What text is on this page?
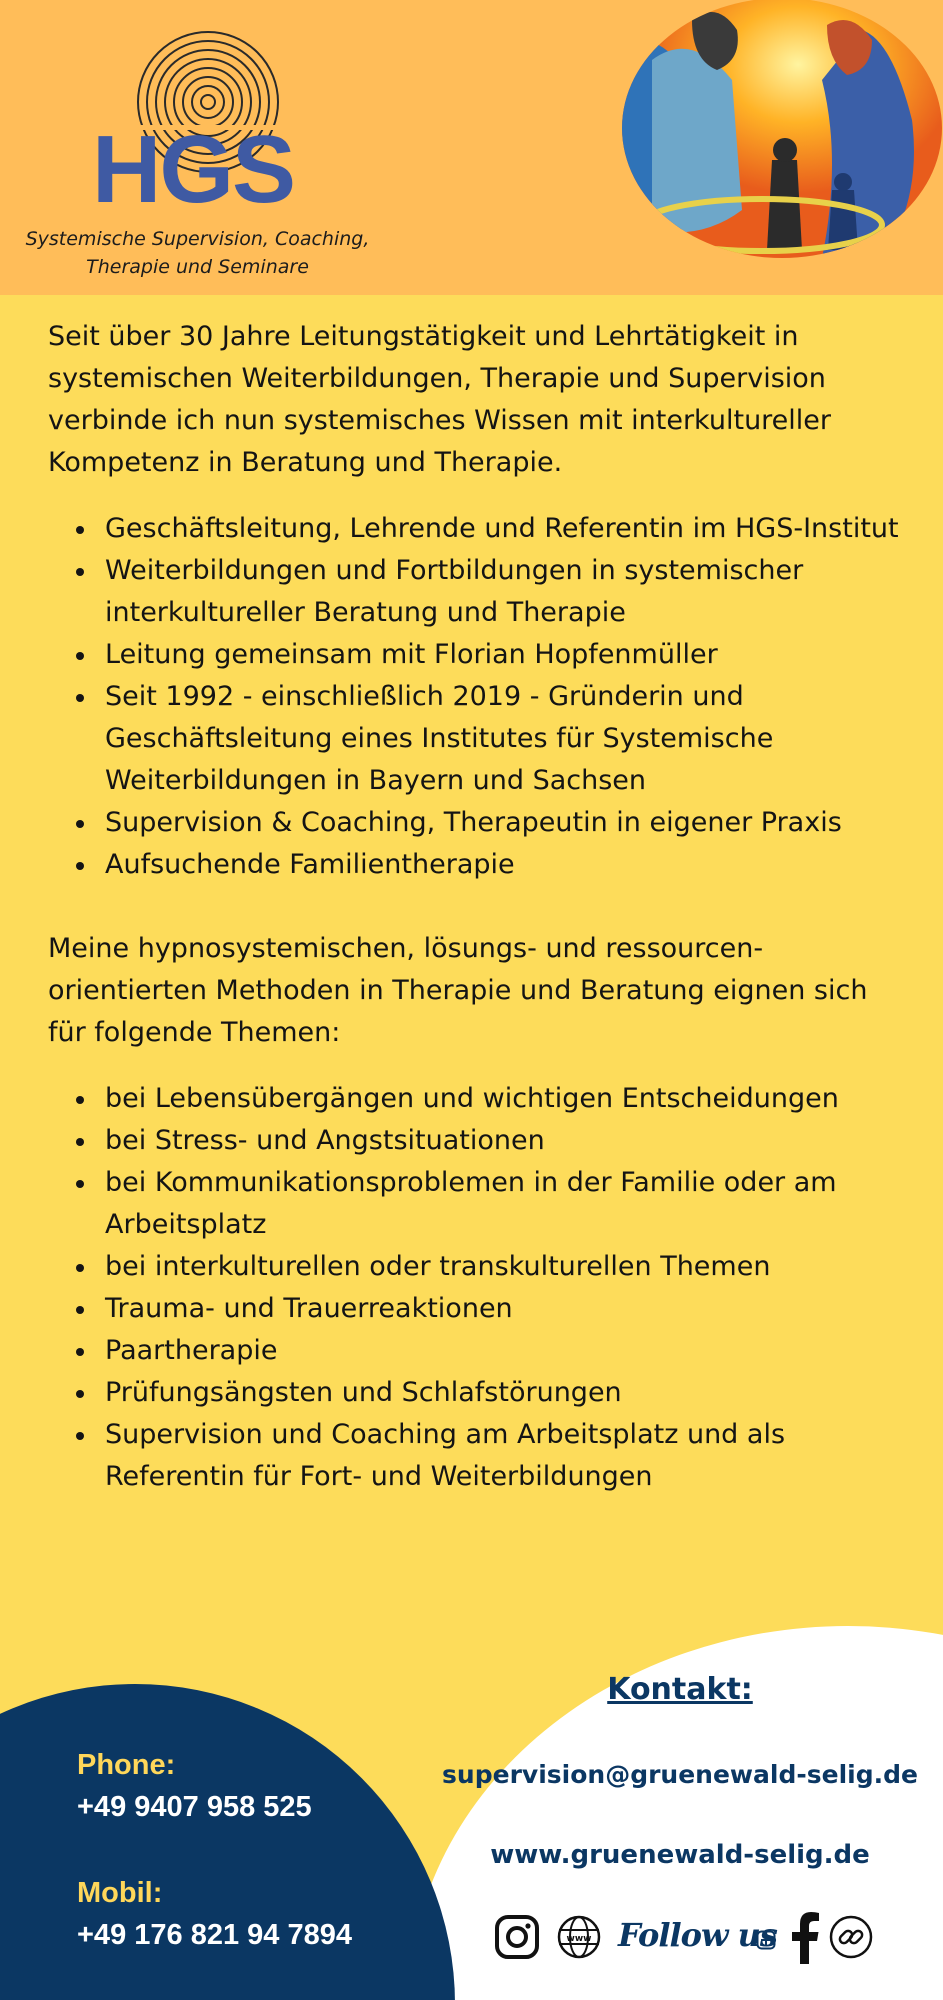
HGS
Systemische Supervision, Coaching,
Therapie und Seminare

Seit über 30 Jahre Leitungstätigkeit und Lehrtätigkeit in systemischen Weiterbildungen, Therapie und Supervision verbinde ich nun systemisches Wissen mit interkultureller Kompetenz in Beratung und Therapie.

Geschäftsleitung, Lehrende und Referentin im HGS-Institut
Weiterbildungen und Fortbildungen in systemischer interkultureller Beratung und Therapie
Leitung gemeinsam mit Florian Hopfenmüller
Seit 1992 - einschließlich 2019 - Gründerin und Geschäftsleitung eines Institutes für Systemische Weiterbildungen in Bayern und Sachsen
Supervision & Coaching, Therapeutin in eigener Praxis
Aufsuchende Familientherapie

Meine hypnosystemischen, lösungs- und ressourcen-orientierten Methoden in Therapie und Beratung eignen sich für folgende Themen:

bei Lebensübergängen und wichtigen Entscheidungen
bei Stress- und Angstsituationen
bei Kommunikationsproblemen in der Familie oder am Arbeitsplatz
bei interkulturellen oder transkulturellen Themen
Trauma- und Trauerreaktionen
Paartherapie
Prüfungsängsten und Schlafstörungen
Supervision und Coaching am Arbeitsplatz und als Referentin für Fort- und Weiterbildungen
Phone:
+49 9407 958 525
Mobil:
+49 176 821 94 7894
Kontakt:
supervision@gruenewald-selig.de
www.gruenewald-selig.de
www Follow us
